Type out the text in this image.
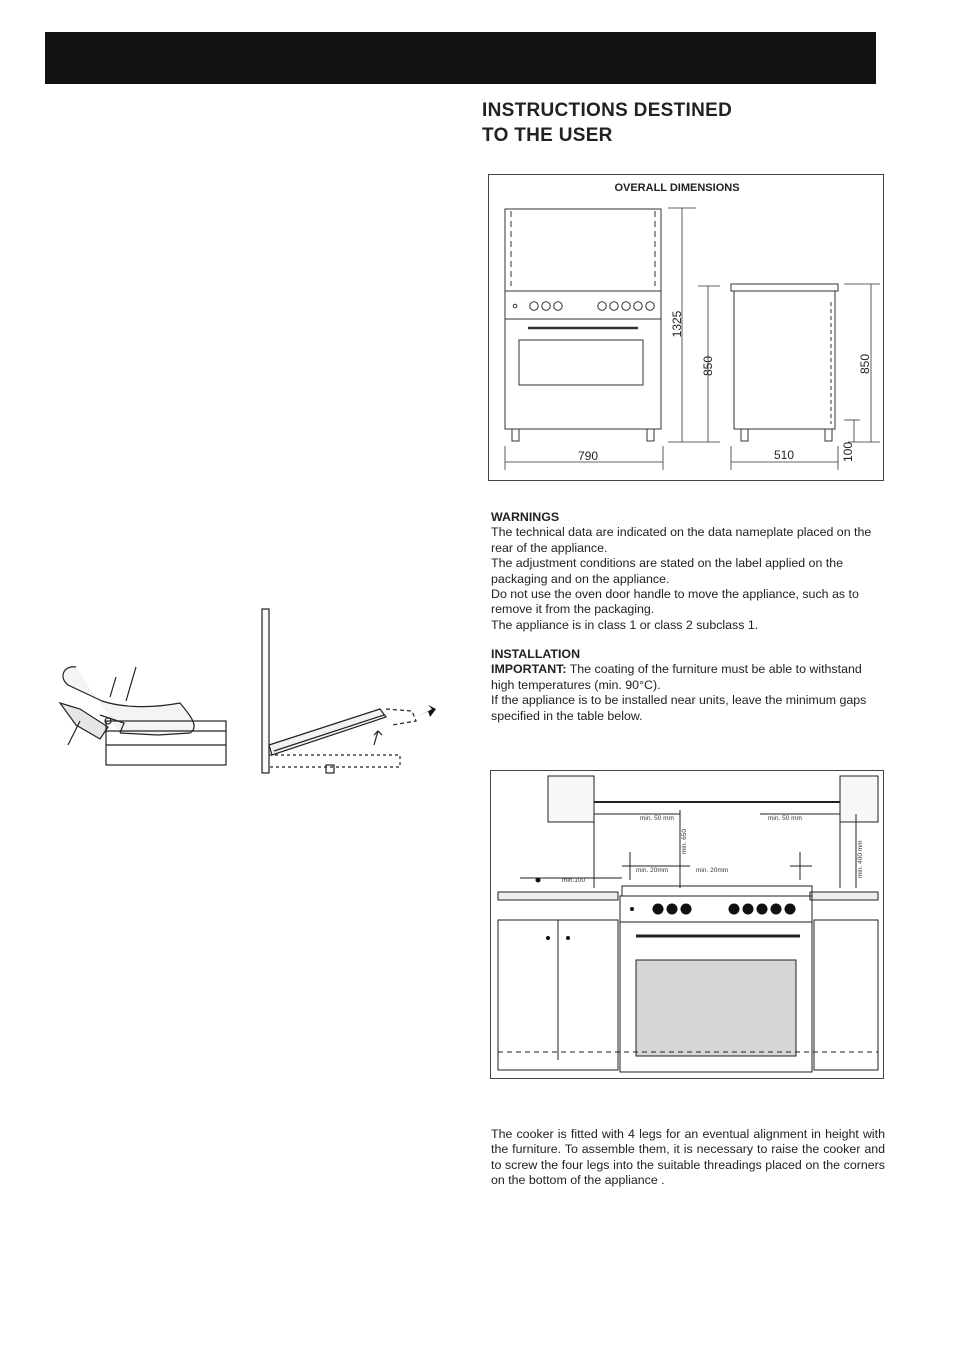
INSTRUCTIONS DESTINED
TO THE USER
OVERALL DIMENSIONS
1325
850
790
850
100
510
WARNINGS

The technical data are indicated on the data nameplate placed on the rear of the appliance.

The adjustment conditions are stated on the label applied on the packaging and on the appliance.

Do not use the oven door handle to move the appliance, such as to remove it from the packaging.

The appliance is in class 1 or class 2 subclass 1.

INSTALLATION

IMPORTANT: The coating of the furniture must be able to withstand high temperatures (min. 90°C).

If the appliance is to be installed near units, leave the minimum gaps specified in the table below.

min. 50 mm	min. 50 mm
min. 650	min. 400 mm
min. 20mm	min. 20mm
min.100

The cooker is fitted with 4 legs for an eventual alignment in height with the furniture. To assemble them, it is necessary to raise the cooker and to screw the four legs into the suitable threadings placed on the corners on the bottom of the appliance .
